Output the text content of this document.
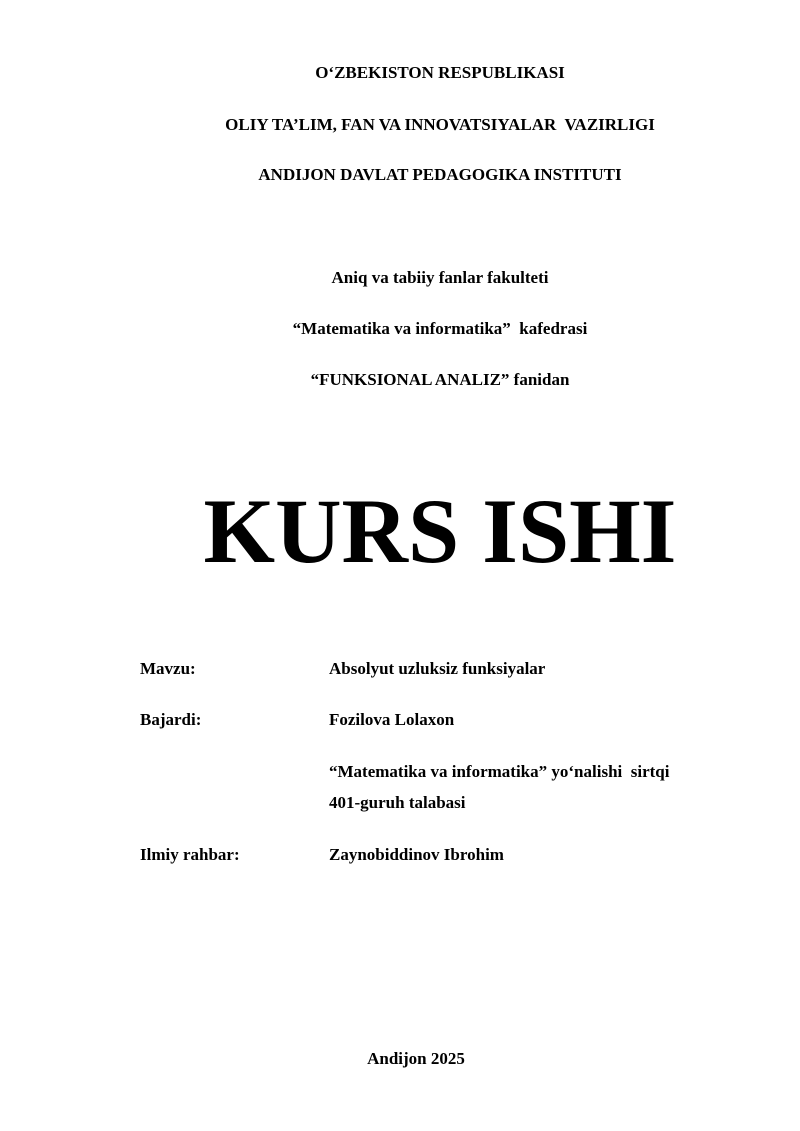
O‘ZBEKISTON RESPUBLIKASI
OLIY TA’LIM, FAN VA INNOVATSIYALAR  VAZIRLIGI
ANDIJON DAVLAT PEDAGOGIKA INSTITUTI
Aniq va tabiiy fanlar fakulteti
“Matematika va informatika”  kafedrasi
“FUNKSIONAL ANALIZ” fanidan
KURS ISHI
Mavzu:	Absolyut uzluksiz funksiyalar
Bajardi:	Fozilova Lolaxon
“Matematika va informatika” yo‘nalishi  sirtqi
401-guruh talabasi
Ilmiy rahbar:	Zaynobiddinov Ibrohim
Andijon 2025
